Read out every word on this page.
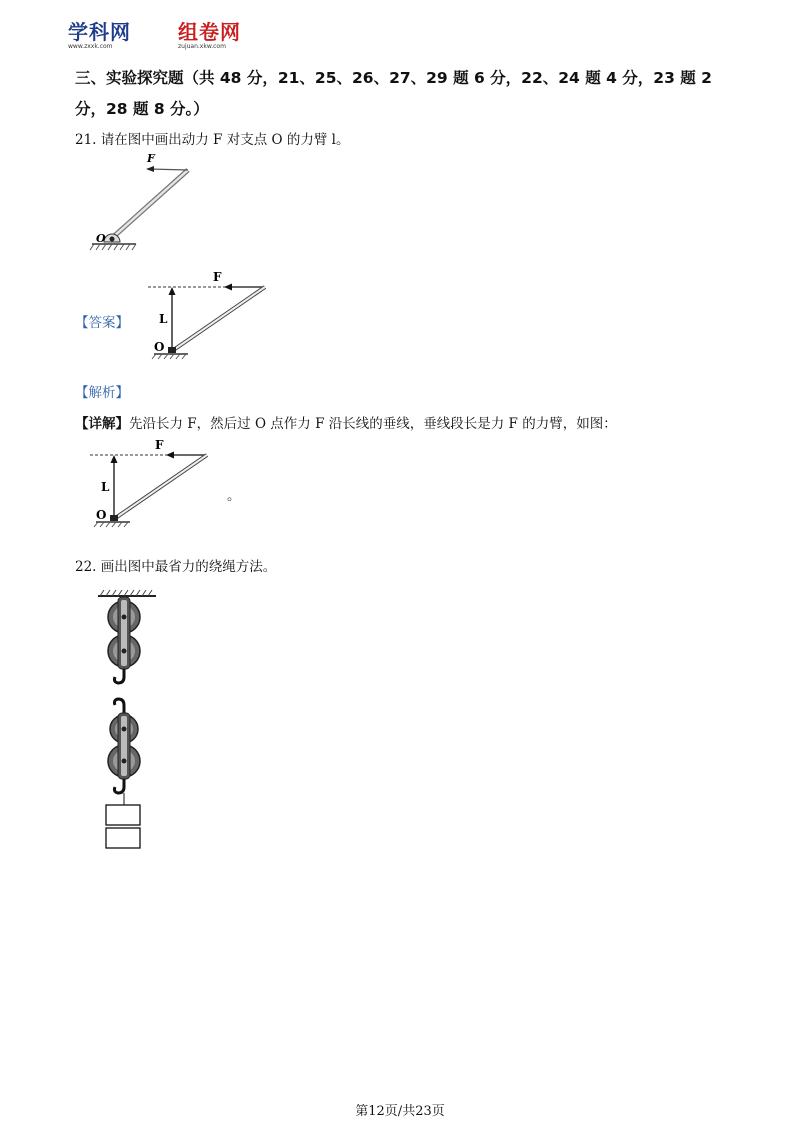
学科网
www.zxxk.com
组卷网
zujuan.xkw.com
三、实验探究题（共 48 分，21、25、26、27、29 题 6 分，22、24 题 4 分，23 题 2 分，28 题 8 分。）
21. 请在图中画出动力 F 对支点 O 的力臂 l。
F
O
【答案】
F
L
O
【解析】
【详解】先沿长力 F，然后过 O 点作力 F 沿长线的垂线，垂线段长是力 F 的力臂，如图：
F
L
O
。
22. 画出图中最省力的绕绳方法。
第12页/共23页
